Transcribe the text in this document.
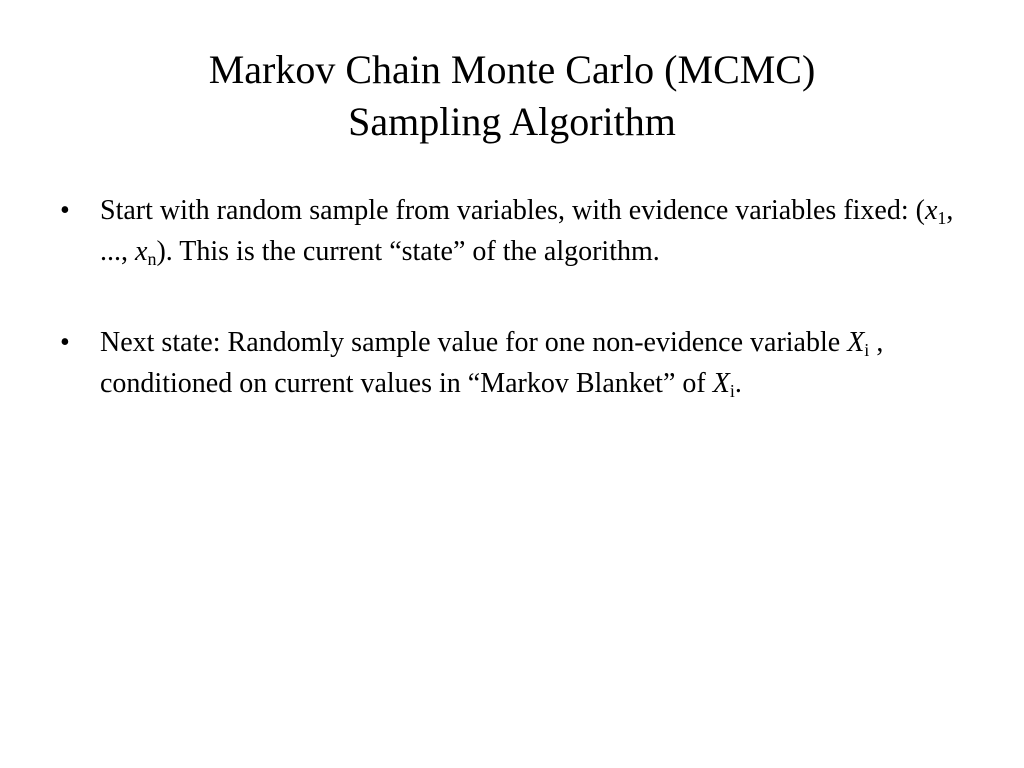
Markov Chain Monte Carlo (MCMC)
Sampling Algorithm
• Start with random sample from variables, with evidence variables fixed: ($x_1$, ..., $x_n$). This is the current “state” of the algorithm.
• Next state: Randomly sample value for one non-evidence variable $X_i$ , conditioned on current values in “Markov Blanket” of $X_i$.
